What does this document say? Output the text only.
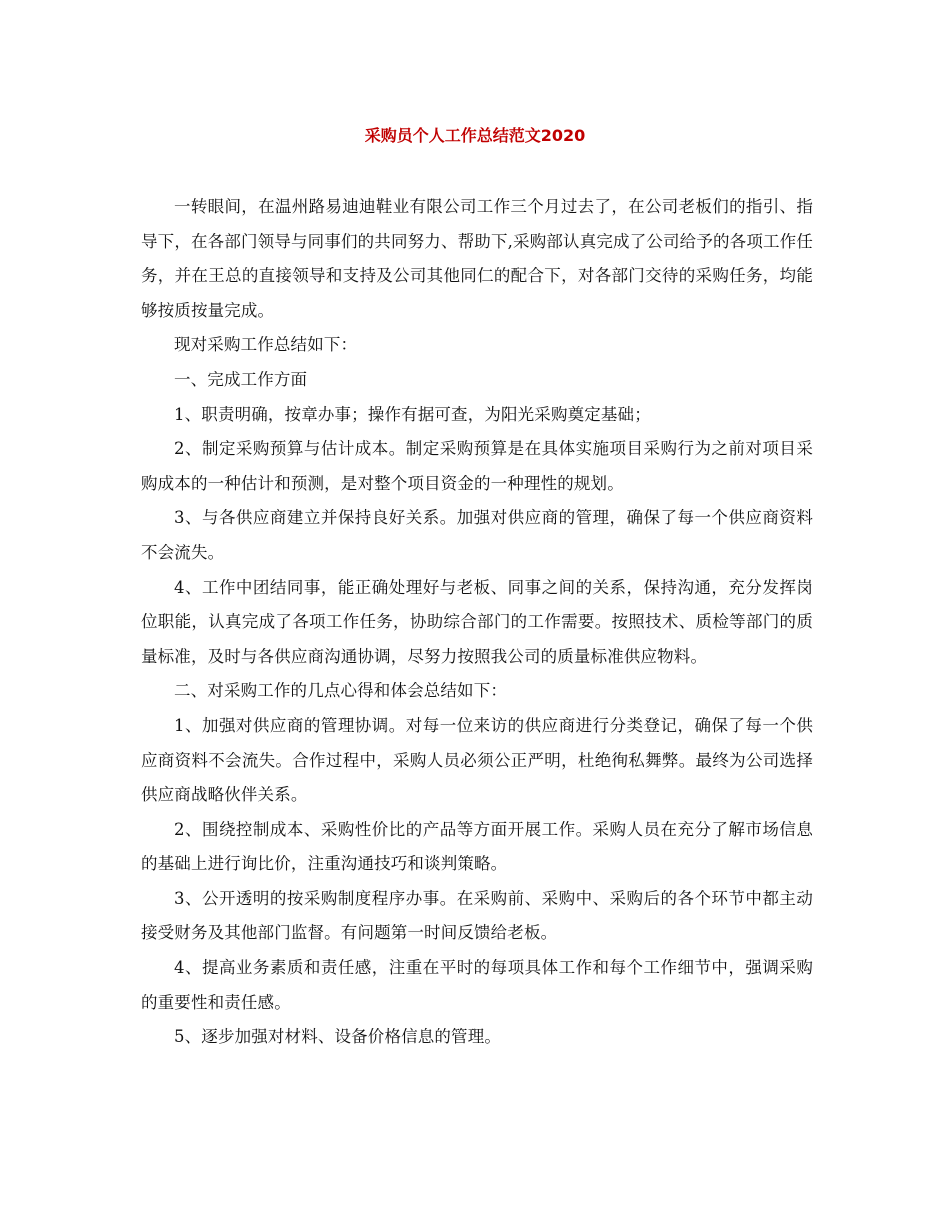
采购员个人工作总结范文2020

一转眼间，在温州路易迪迪鞋业有限公司工作三个月过去了，在公司老板们的指引、指导下，在各部门领导与同事们的共同努力、帮助下,采购部认真完成了公司给予的各项工作任务，并在王总的直接领导和支持及公司其他同仁的配合下，对各部门交待的采购任务，均能够按质按量完成。

现对采购工作总结如下：

一、完成工作方面

1、职责明确，按章办事；操作有据可查，为阳光采购奠定基础；

2、制定采购预算与估计成本。制定采购预算是在具体实施项目采购行为之前对项目采购成本的一种估计和预测，是对整个项目资金的一种理性的规划。

3、与各供应商建立并保持良好关系。加强对供应商的管理，确保了每一个供应商资料不会流失。

4、工作中团结同事，能正确处理好与老板、同事之间的关系，保持沟通，充分发挥岗位职能，认真完成了各项工作任务，协助综合部门的工作需要。按照技术、质检等部门的质量标准，及时与各供应商沟通协调，尽努力按照我公司的质量标准供应物料。

二、对采购工作的几点心得和体会总结如下：

1、加强对供应商的管理协调。对每一位来访的供应商进行分类登记，确保了每一个供应商资料不会流失。合作过程中，采购人员必须公正严明，杜绝徇私舞弊。最终为公司选择供应商战略伙伴关系。

2、围绕控制成本、采购性价比的产品等方面开展工作。采购人员在充分了解市场信息的基础上进行询比价，注重沟通技巧和谈判策略。

3、公开透明的按采购制度程序办事。在采购前、采购中、采购后的各个环节中都主动接受财务及其他部门监督。有问题第一时间反馈给老板。

4、提高业务素质和责任感，注重在平时的每项具体工作和每个工作细节中，强调采购的重要性和责任感。

5、逐步加强对材料、设备价格信息的管理。
